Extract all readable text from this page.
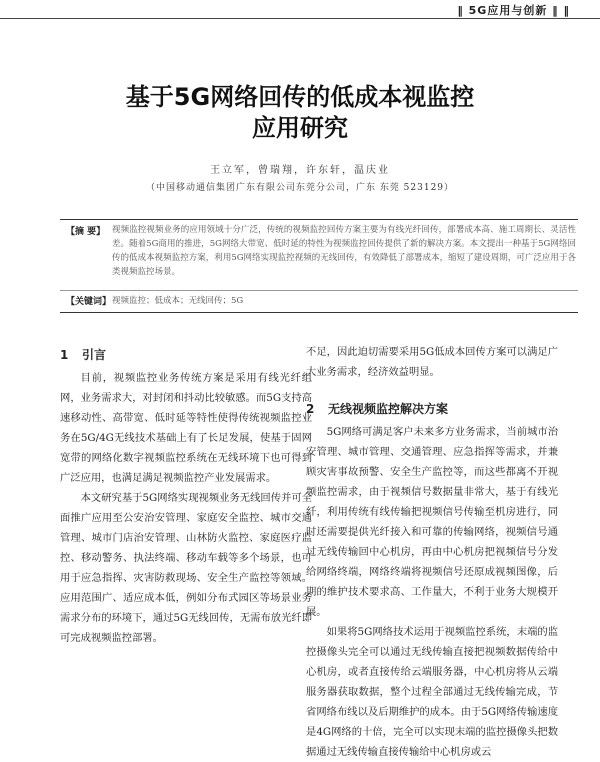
‖ 5G应用与创新 ‖ ‖
基于5G网络回传的低成本视监控
应用研究
王立军，曾瑞翔，许东轩，温庆业
（中国移动通信集团广东有限公司东莞分公司，广东 东莞 523129）
【摘 要】 视频监控视频业务的应用领域十分广泛，传统的视频监控回传方案主要为有线光纤回传，部署成本高、施工周期长、灵活性差。随着5G商用的推进，5G网络大带宽、低时延的特性为视频监控回传提供了新的解决方案。本文提出一种基于5G网络回传的低成本视频监控方案，利用5G网络实现监控视频的无线回传，有效降低了部署成本，缩短了建设周期，可广泛应用于各类视频监控场景。
【关键词】 视频监控；低成本；无线回传；5G
1 引言

目前，视频监控业务传统方案是采用有线光纤组网，业务需求大，对封闭和抖动比较敏感。而5G支持高速移动性、高带宽、低时延等特性使得传统视频监控业务在5G/4G无线技术基础上有了长足发展，使基于固网宽带的网络化数字视频监控系统在无线环境下也可得到广泛应用，也满足满足视频监控产业发展需求。

本文研究基于5G网络实现视频业务无线回传并可全面推广应用至公安治安管理、家庭安全监控、城市交通管理、城市门店治安管理、山林防火监控、家庭医疗监控、移动警务、执法终端、移动车载等多个场景，也可用于应急指挥、灾害防救现场、安全生产监控等领域。应用范围广、适应成本低，例如分布式园区等场景业务需求分布的环境下，通过5G无线回传，无需布放光纤即可完成视频监控部署。

不足，因此迫切需要采用5G低成本回传方案可以满足广大业务需求，经济效益明显。

2 无线视频监控解决方案

5G网络可满足客户未来多方业务需求，当前城市治安管理、城市管理、交通管理、应急指挥等需求，并兼顾灾害事故预警、安全生产监控等，而这些都离不开视频监控需求，由于视频信号数据量非常大，基于有线光纤，利用传统有线传输把视频信号传输至机房进行，同时还需要提供光纤接入和可靠的传输网络，视频信号通过无线传输回中心机房，再由中心机房把视频信号分发给网络终端，网络终端将视频信号还原成视频图像，后期的维护技术要求高、工作量大，不利于业务大规模开展。

如果将5G网络技术运用于视频监控系统，末端的监控摄像头完全可以通过无线传输直接把视频数据传给中心机房，或者直接传给云端服务器，中心机房将从云端服务器获取数据，整个过程全部通过无线传输完成，节省网络布线以及后期维护的成本。由于5G网络传输速度是4G网络的十倍，完全可以实现末端的监控摄像头把数据通过无线传输直接传输给中心机房或云
